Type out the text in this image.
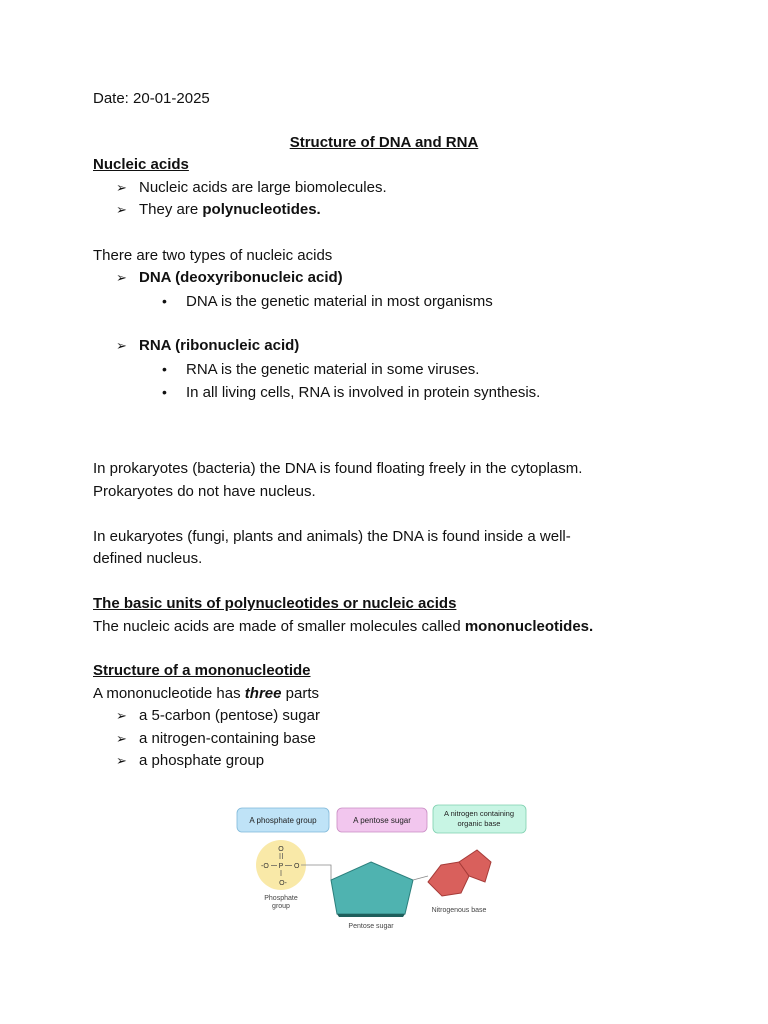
Date: 20-01-2025
Structure of DNA and RNA
Nucleic acids
➢ Nucleic acids are large biomolecules.
➢ They are polynucleotides.
There are two types of nucleic acids
➢ DNA (deoxyribonucleic acid)
• DNA is the genetic material in most organisms
➢ RNA (ribonucleic acid)
• RNA is the genetic material in some viruses.
• In all living cells, RNA is involved in protein synthesis.
In prokaryotes (bacteria) the DNA is found floating freely in the cytoplasm.
Prokaryotes do not have nucleus.
In eukaryotes (fungi, plants and animals) the DNA is found inside a well-
defined nucleus.
The basic units of polynucleotides or nucleic acids
The nucleic acids are made of smaller molecules called mononucleotides.
Structure of a mononucleotide
A mononucleotide has three parts
➢ a 5-carbon (pentose) sugar
➢ a nitrogen-containing base
➢ a phosphate group
A phosphate group	A pentose sugar
A nitrogen containing
organic base
O
P
-O	O
O-
Phosphate
group
Pentose sugar
Nitrogenous base
